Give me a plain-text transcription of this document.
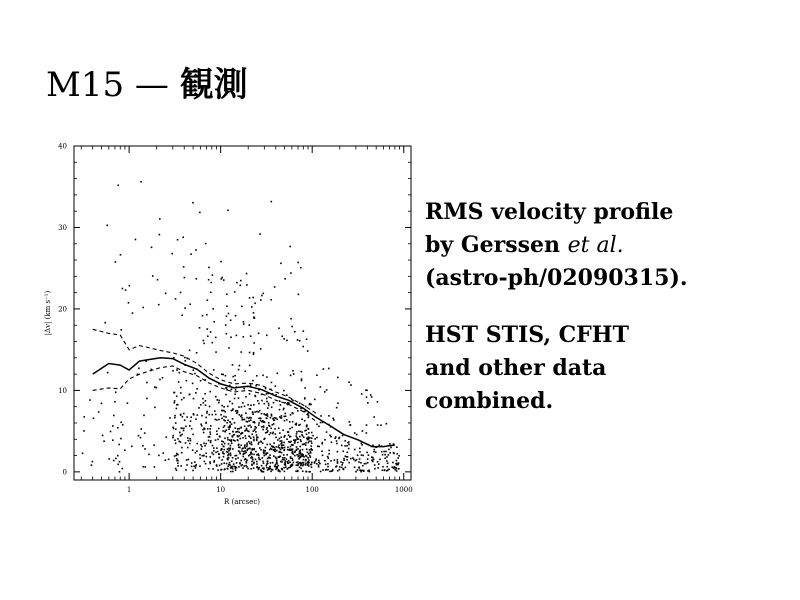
M15 — 観測
0
10
20
30
40
1	10	100	1000
R (arcsec)
|Δv| (km s⁻¹)

RMS velocity profile

by Gerssen et al.

(astro-ph/02090315).

HST STIS, CFHT

and other data

combined.
